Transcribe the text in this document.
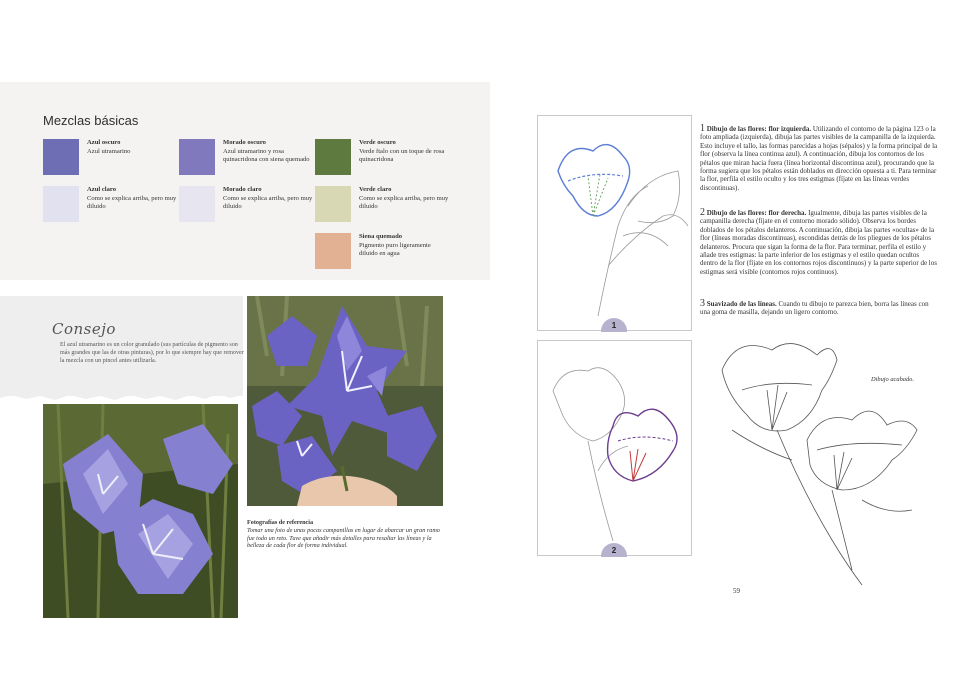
Mezclas básicas
Azul oscuro
Azul utramarino
Morado oscuro
Azul utramarino y rosa quinacridona con siena quemado
Verde oscuro
Verde ftalo con un toque de rosa quinacridona
Azul claro
Como se explica arriba, pero muy diluido
Morado claro
Como se explica arriba, pero muy diluido
Verde claro
Como se explica arriba, pero muy diluido
Siena quemado
Pigmento puro ligeramente diluido en agua
Consejo
El azul utramarino es un color granulado (sus partículas de pigmento son más grandes que las de otras pinturas), por lo que siempre hay que remover la mezcla con un pincel antes utilizarla.
Fotografías de referencia
Tomar una foto de unas pocas campanillas en lugar de abarcar un gran ramo fue todo un reto. Tuve que añadir más detalles para resaltar las líneas y la belleza de cada flor de forma individual.
1
2
1 Dibujo de las flores: flor izquierda. Utilizando el contorno de la página 123 o la foto ampliada (izquierda), dibuja las partes visibles de la campanilla de la izquierda. Esto incluye el tallo, las formas parecidas a hojas (sépalos) y la forma principal de la flor (observa la línea continua azul). A continuación, dibuja los contornos de los pétalos que miran hacia fuera (línea horizontal discontinua azul), procurando que la forma sugiera que los pétalos están doblados en dirección opuesta a ti. Para terminar la flor, perfila el estilo oculto y los tres estigmas (fíjate en las líneas verdes discontinuas).
2 Dibujo de las flores: flor derecha. Igualmente, dibuja las partes visibles de la campanilla derecha (fíjate en el contorno morado sólido). Observa los bordes doblados de los pétalos delanteros. A continuación, dibuja las partes «ocultas» de la flor (líneas moradas discontinuas), escondidas detrás de los pliegues de los pétalos delanteros. Procura que sigan la forma de la flor. Para terminar, perfila el estilo y añade tres estigmas: la parte inferior de los estigmas y el estilo quedan ocultos dentro de la flor (fíjate en los contornos rojos discontinuos) y la parte superior de los estigmas será visible (contornos rojos continuos).
3 Suavizado de las líneas. Cuando tu dibujo te parezca bien, borra las líneas con una goma de masilla, dejando un ligero contorno.
Dibujo acabado.
59
